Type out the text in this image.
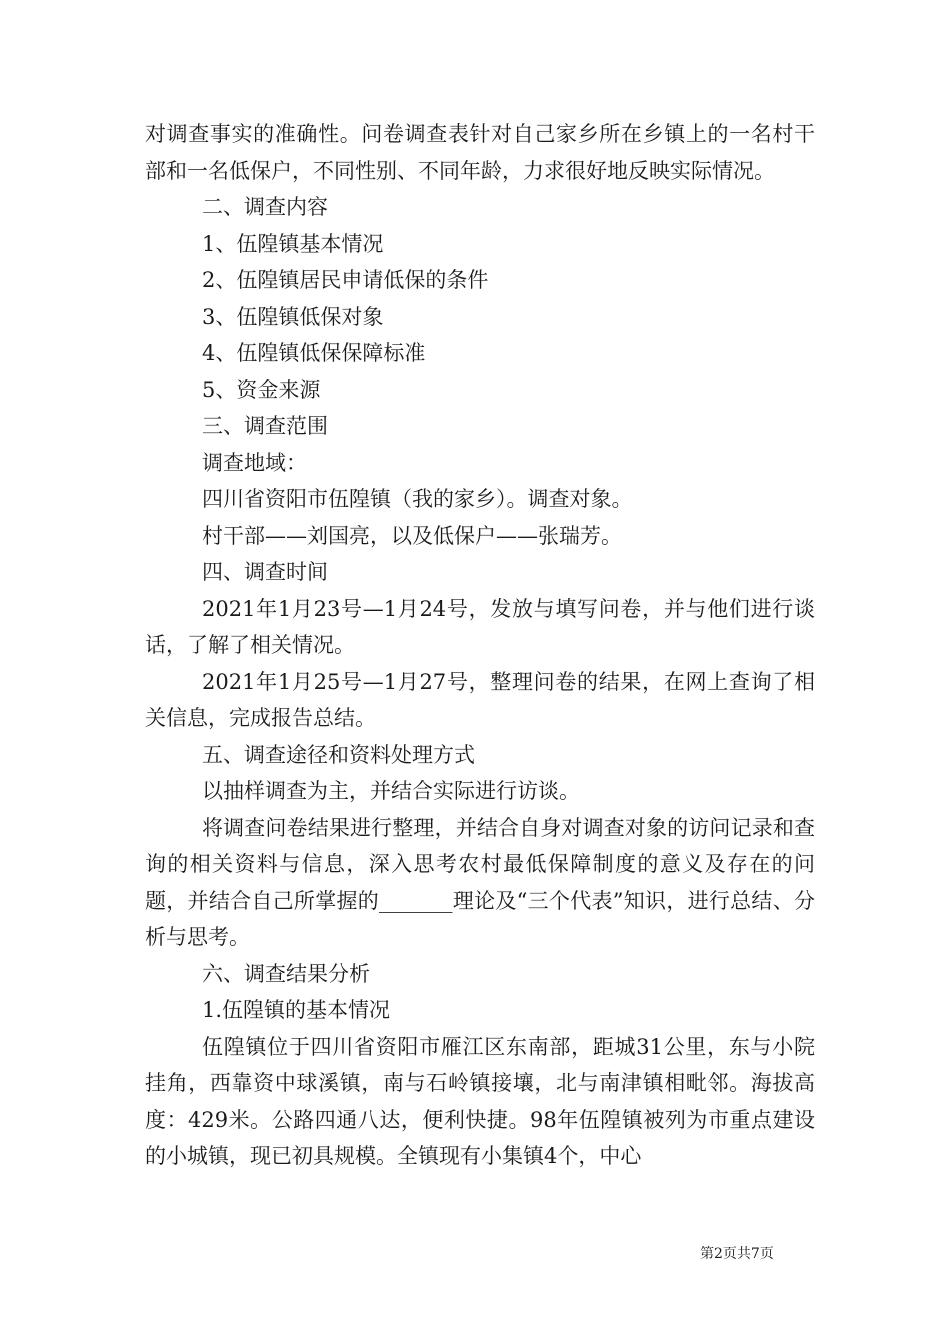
对调查事实的准确性。问卷调查表针对自己家乡所在乡镇上的一名村干部和一名低保户，不同性别、不同年龄，力求很好地反映实际情况。

二、调查内容

1、伍隍镇基本情况

2、伍隍镇居民申请低保的条件

3、伍隍镇低保对象

4、伍隍镇低保保障标准

5、资金来源

三、调查范围

调查地域：

四川省资阳市伍隍镇（我的家乡）。调查对象。

村干部——刘国亮，以及低保户——张瑞芳。

四、调查时间

2021年1月23号—1月24号，发放与填写问卷，并与他们进行谈话，了解了相关情况。

2021年1月25号—1月27号，整理问卷的结果，在网上查询了相关信息，完成报告总结。

五、调查途径和资料处理方式

以抽样调查为主，并结合实际进行访谈。

将调查问卷结果进行整理，并结合自身对调查对象的访问记录和查询的相关资料与信息，深入思考农村最低保障制度的意义及存在的问题，并结合自己所掌握的_______理论及“三个代表”知识，进行总结、分析与思考。

六、调查结果分析

1.伍隍镇的基本情况

伍隍镇位于四川省资阳市雁江区东南部，距城31公里，东与小院挂角，西靠资中球溪镇，南与石岭镇接壤，北与南津镇相毗邻。海拔高度：429米。公路四通八达，便利快捷。98年伍隍镇被列为市重点建设的小城镇，现已初具规模。全镇现有小集镇4个，中心

第2页共7页
